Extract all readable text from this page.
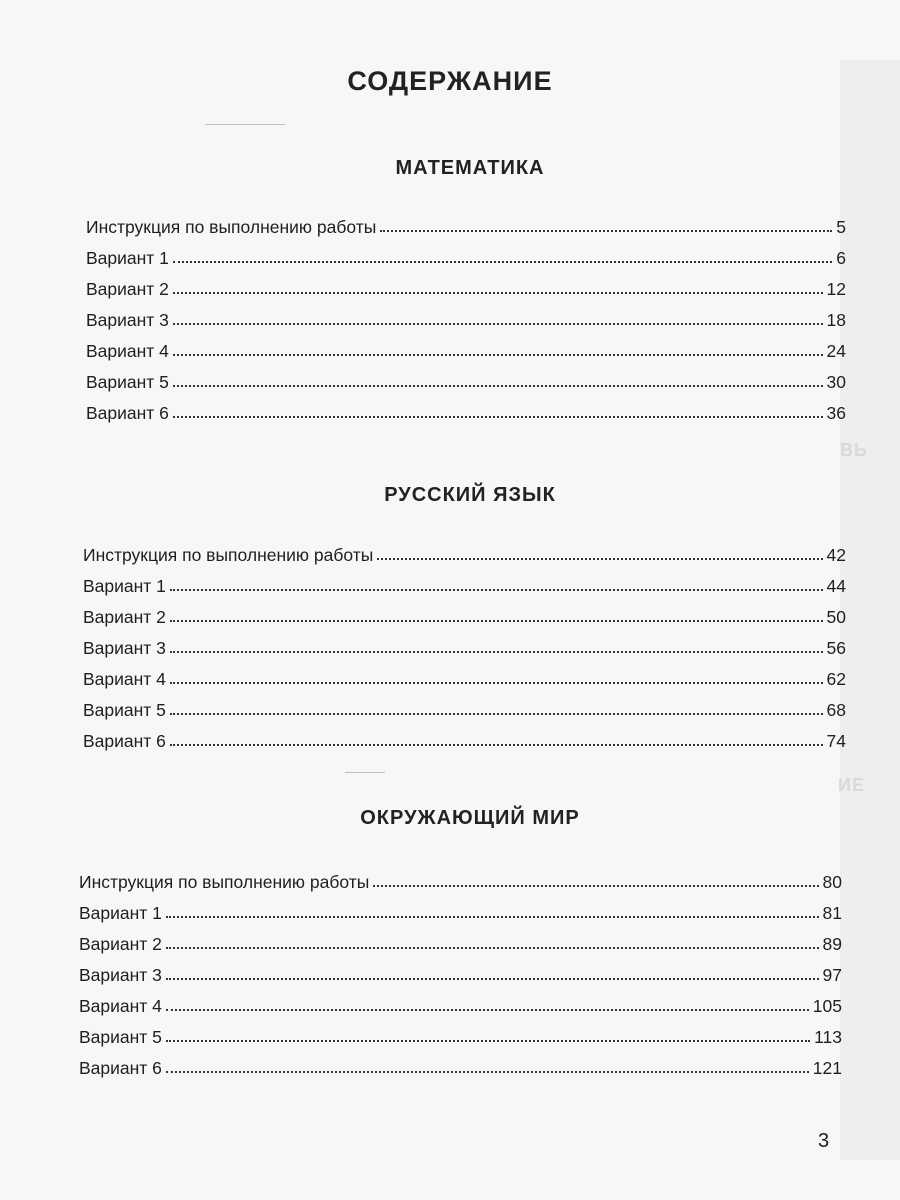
ВЬ
ИЕ
СОДЕРЖАНИЕ
МАТЕМАТИКА
Инструкция по выполнению работы	5
Вариант 1	6
Вариант 2	12
Вариант 3	18
Вариант 4	24
Вариант 5	30
Вариант 6	36
РУССКИЙ ЯЗЫК
Инструкция по выполнению работы	42
Вариант 1	44
Вариант 2	50
Вариант 3	56
Вариант 4	62
Вариант 5	68
Вариант 6	74
ОКРУЖАЮЩИЙ МИР
Инструкция по выполнению работы	80
Вариант 1	81
Вариант 2	89
Вариант 3	97
Вариант 4	105
Вариант 5	113
Вариант 6	121
3
